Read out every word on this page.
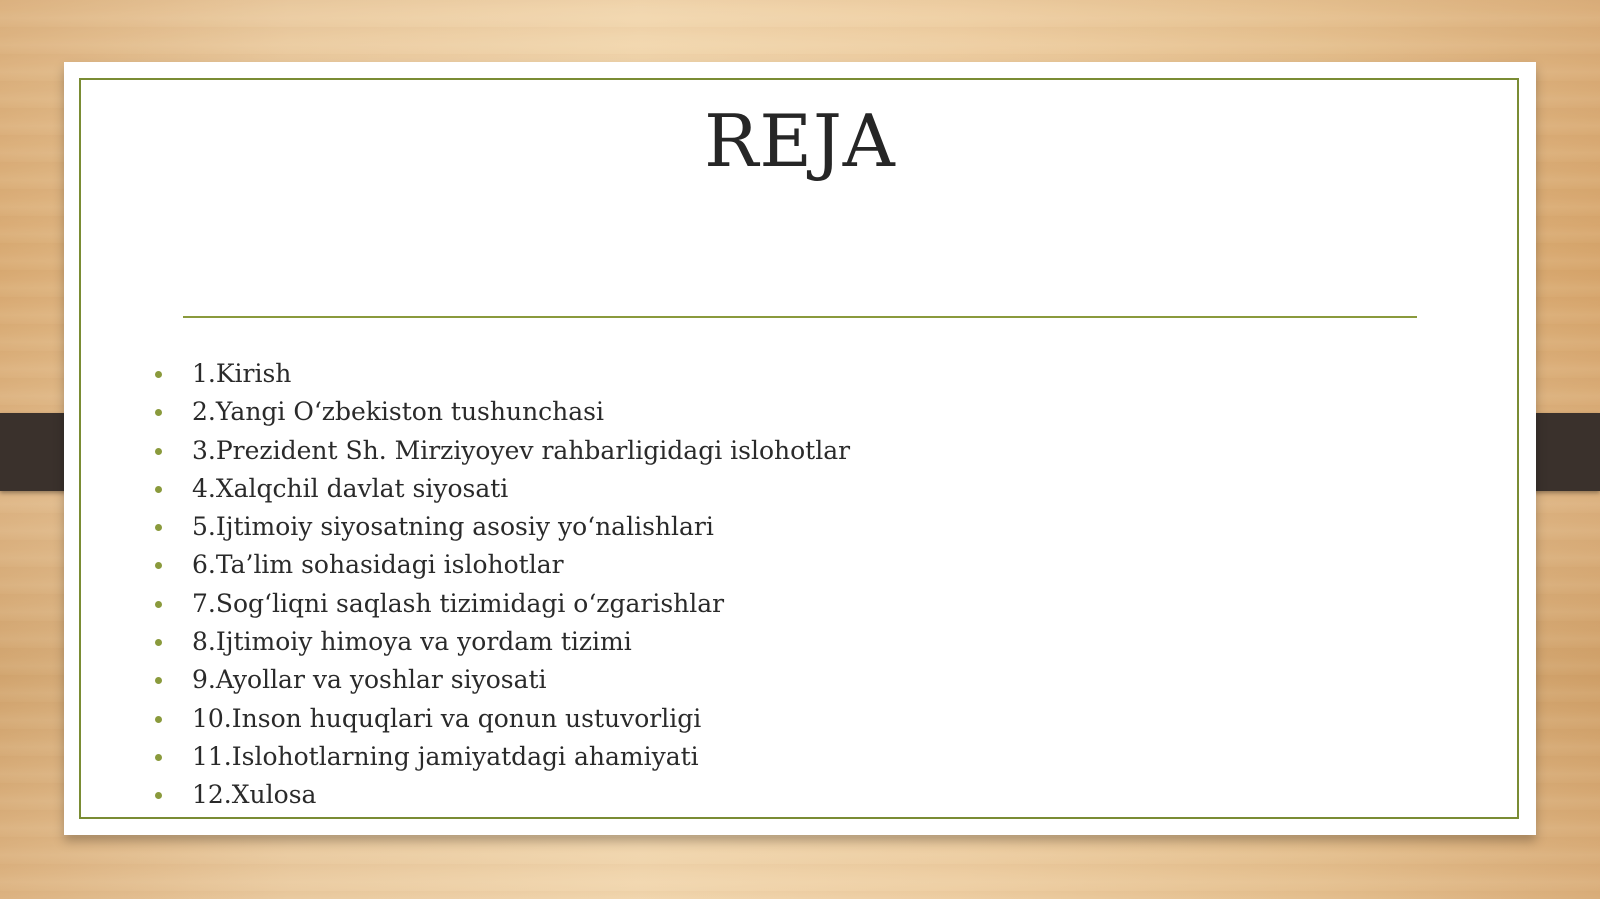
REJA
1.Kirish
2.Yangi O‘zbekiston tushunchasi
3.Prezident Sh. Mirziyoyev rahbarligidagi islohotlar
4.Xalqchil davlat siyosati
5.Ijtimoiy siyosatning asosiy yo‘nalishlari
6.Ta’lim sohasidagi islohotlar
7.Sog‘liqni saqlash tizimidagi o‘zgarishlar
8.Ijtimoiy himoya va yordam tizimi
9.Ayollar va yoshlar siyosati
10.Inson huquqlari va qonun ustuvorligi
11.Islohotlarning jamiyatdagi ahamiyati
12.Xulosa
